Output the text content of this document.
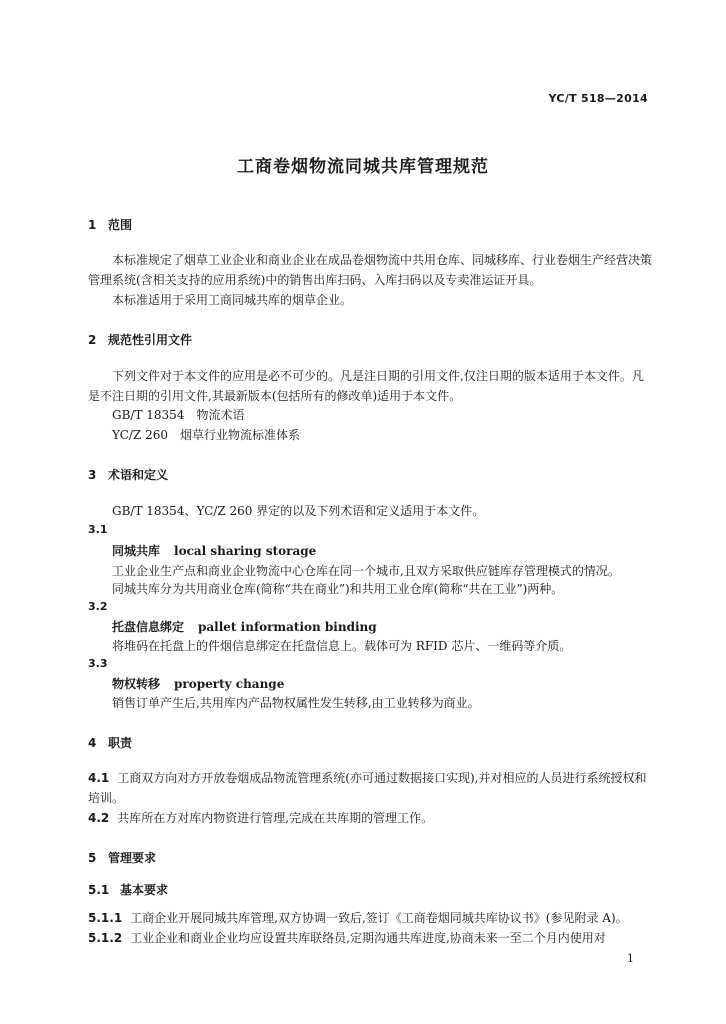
YC/T 518—2014
工商卷烟物流同城共库管理规范
1 范围
本标准规定了烟草工业企业和商业企业在成品卷烟物流中共用仓库、同城移库、行业卷烟生产经营决策管理系统(含相关支持的应用系统)中的销售出库扫码、入库扫码以及专卖准运证开具。
本标准适用于采用工商同城共库的烟草企业。
2 规范性引用文件
下列文件对于本文件的应用是必不可少的。凡是注日期的引用文件,仅注日期的版本适用于本文件。凡是不注日期的引用文件,其最新版本(包括所有的修改单)适用于本文件。
GB/T 18354　物流术语
YC/Z 260　烟草行业物流标准体系
3 术语和定义
GB/T 18354、YC/Z 260 界定的以及下列术语和定义适用于本文件。
3.1
同城共库 local sharing storage
工业企业生产点和商业企业物流中心仓库在同一个城市,且双方采取供应链库存管理模式的情况。
同城共库分为共用商业仓库(简称“共在商业”)和共用工业仓库(简称“共在工业”)两种。
3.2
托盘信息绑定 pallet information binding
将堆码在托盘上的件烟信息绑定在托盘信息上。载体可为 RFID 芯片、一维码等介质。
3.3
物权转移 property change
销售订单产生后,共用库内产品物权属性发生转移,由工业转移为商业。
4 职责
4.1 工商双方向对方开放卷烟成品物流管理系统(亦可通过数据接口实现),并对相应的人员进行系统授权和培训。
4.2 共库所在方对库内物资进行管理,完成在共库期的管理工作。
5 管理要求
5.1 基本要求
5.1.1 工商企业开展同城共库管理,双方协调一致后,签订《工商卷烟同城共库协议书》(参见附录 A)。
5.1.2 工业企业和商业企业均应设置共库联络员,定期沟通共库进度,协商未来一至二个月内使用对
1
